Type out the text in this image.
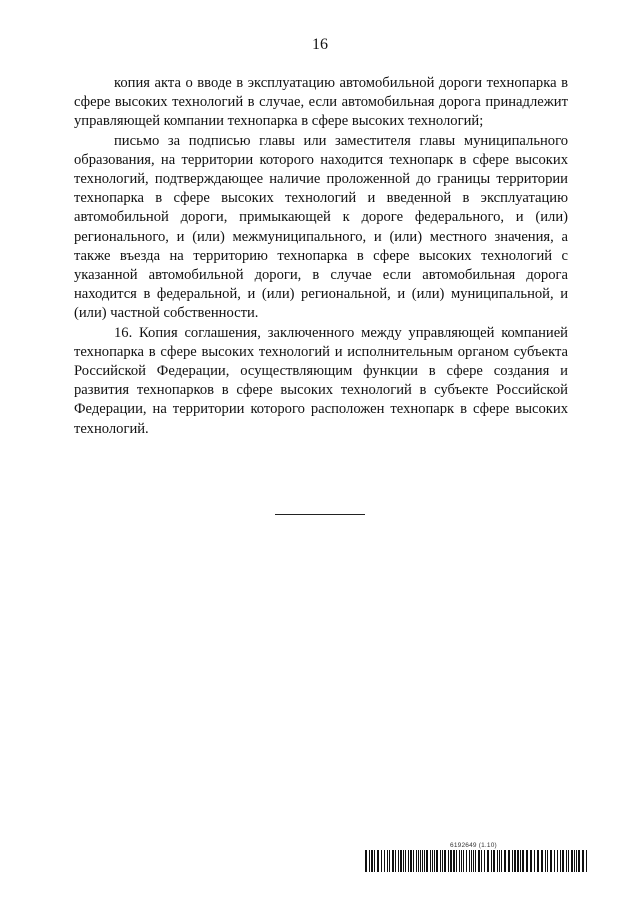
16

копия акта о вводе в эксплуатацию автомобильной дороги технопарка в сфере высоких технологий в случае, если автомобильная дорога принадлежит управляющей компании технопарка в сфере высоких технологий;

письмо за подписью главы или заместителя главы муниципального образования, на территории которого находится технопарк в сфере высоких технологий, подтверждающее наличие проложенной до границы территории технопарка в сфере высоких технологий и введенной в эксплуатацию автомобильной дороги, примыкающей к дороге федерального, и (или) регионального, и (или) межмуниципального, и (или) местного значения, а также въезда на территорию технопарка в сфере высоких технологий с указанной автомобильной дороги, в случае если автомобильная дорога находится в федеральной, и (или) региональной, и (или) муниципальной, и (или) частной собственности.

16. Копия соглашения, заключенного между управляющей компанией технопарка в сфере высоких технологий и исполнительным органом субъекта Российской Федерации, осуществляющим функции в сфере создания и развития технопарков в сфере высоких технологий в субъекте Российской Федерации, на территории которого расположен технопарк в сфере высоких технологий.

6192649 (1.10)
